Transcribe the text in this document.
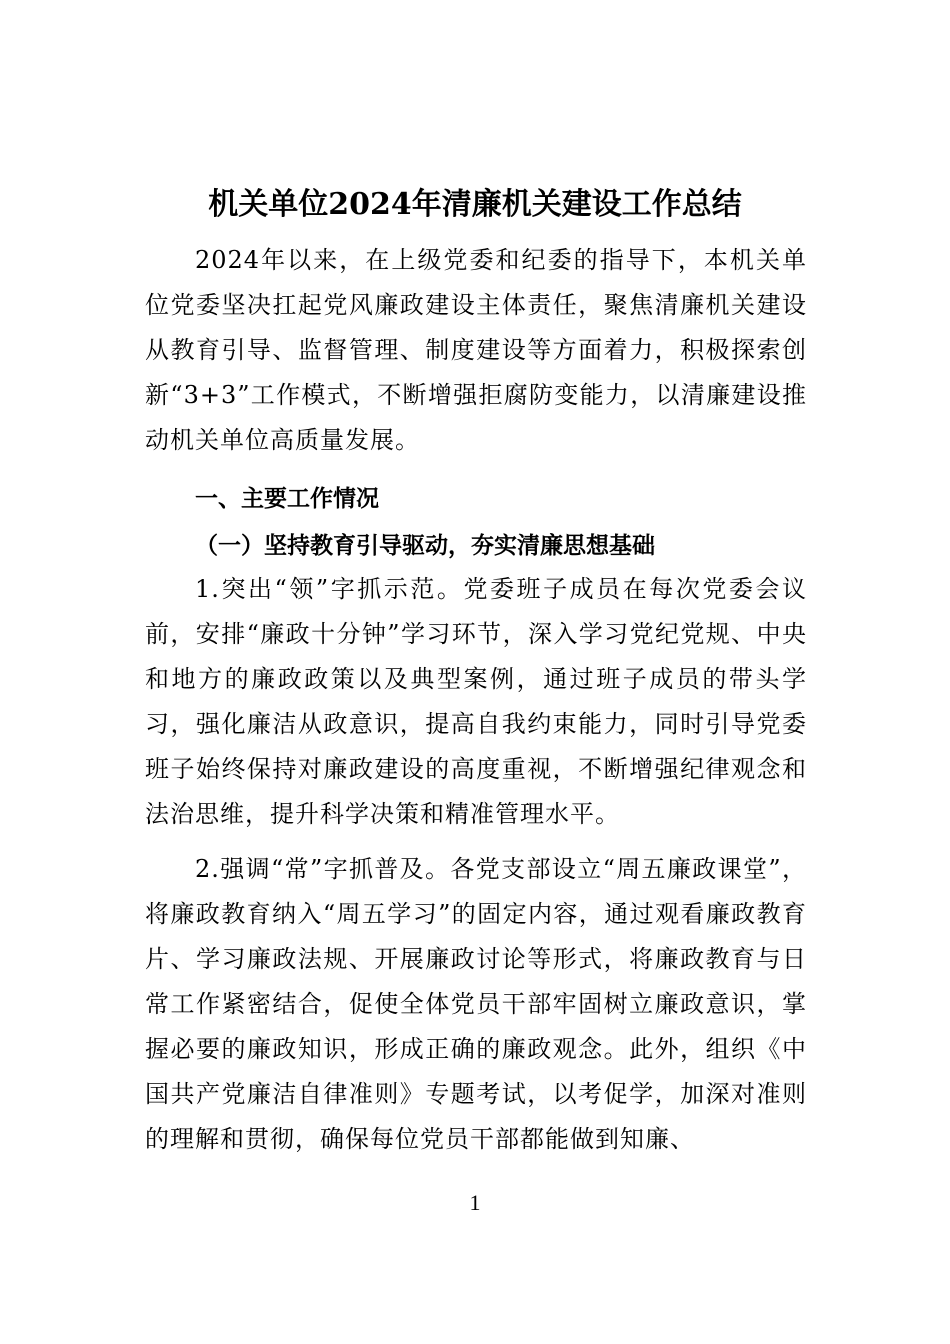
机关单位2024年清廉机关建设工作总结

2024年以来，在上级党委和纪委的指导下，本机关单位党委坚决扛起党风廉政建设主体责任，聚焦清廉机关建设从教育引导、监督管理、制度建设等方面着力，积极探索创新“3+3”工作模式，不断增强拒腐防变能力，以清廉建设推动机关单位高质量发展。

一、主要工作情况

（一）坚持教育引导驱动，夯实清廉思想基础

1.突出“领”字抓示范。党委班子成员在每次党委会议前，安排“廉政十分钟”学习环节，深入学习党纪党规、中央和地方的廉政政策以及典型案例，通过班子成员的带头学习，强化廉洁从政意识，提高自我约束能力，同时引导党委班子始终保持对廉政建设的高度重视，不断增强纪律观念和法治思维，提升科学决策和精准管理水平。

2.强调“常”字抓普及。各党支部设立“周五廉政课堂”，将廉政教育纳入“周五学习”的固定内容，通过观看廉政教育片、学习廉政法规、开展廉政讨论等形式，将廉政教育与日常工作紧密结合，促使全体党员干部牢固树立廉政意识，掌握必要的廉政知识，形成正确的廉政观念。此外，组织《中国共产党廉洁自律准则》专题考试，以考促学，加深对准则的理解和贯彻，确保每位党员干部都能做到知廉、

1
